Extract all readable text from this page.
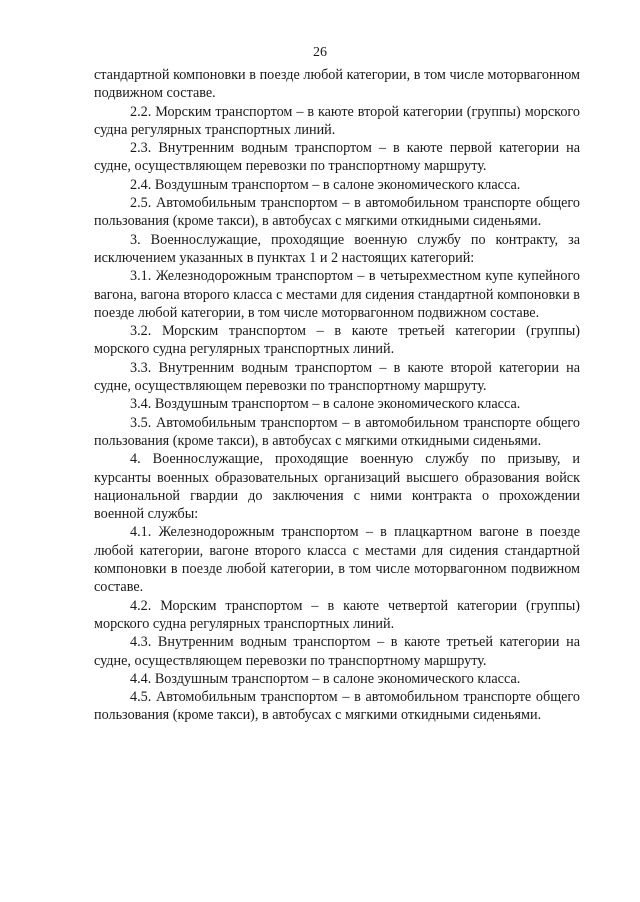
26

стандартной компоновки в поезде любой категории, в том числе моторвагонном подвижном составе.

2.2. Морским транспортом – в каюте второй категории (группы) морского судна регулярных транспортных линий.

2.3. Внутренним водным транспортом – в каюте первой категории на судне, осуществляющем перевозки по транспортному маршруту.

2.4. Воздушным транспортом – в салоне экономического класса.

2.5. Автомобильным транспортом – в автомобильном транспорте общего пользования (кроме такси), в автобусах с мягкими откидными сиденьями.

3. Военнослужащие, проходящие военную службу по контракту, за исключением указанных в пунктах 1 и 2 настоящих категорий:

3.1. Железнодорожным транспортом – в четырехместном купе купейного вагона, вагона второго класса с местами для сидения стандартной компоновки в поезде любой категории, в том числе моторвагонном подвижном составе.

3.2. Морским транспортом – в каюте третьей категории (группы) морского судна регулярных транспортных линий.

3.3. Внутренним водным транспортом – в каюте второй категории на судне, осуществляющем перевозки по транспортному маршруту.

3.4. Воздушным транспортом – в салоне экономического класса.

3.5. Автомобильным транспортом – в автомобильном транспорте общего пользования (кроме такси), в автобусах с мягкими откидными сиденьями.

4. Военнослужащие, проходящие военную службу по призыву, и курсанты военных образовательных организаций высшего образования войск национальной гвардии до заключения с ними контракта о прохождении военной службы:

4.1. Железнодорожным транспортом – в плацкартном вагоне в поезде любой категории, вагоне второго класса с местами для сидения стандартной компоновки в поезде любой категории, в том числе моторвагонном подвижном составе.

4.2. Морским транспортом – в каюте четвертой категории (группы) морского судна регулярных транспортных линий.

4.3. Внутренним водным транспортом – в каюте третьей категории на судне, осуществляющем перевозки по транспортному маршруту.

4.4. Воздушным транспортом – в салоне экономического класса.

4.5. Автомобильным транспортом – в автомобильном транспорте общего пользования (кроме такси), в автобусах с мягкими откидными сиденьями.
